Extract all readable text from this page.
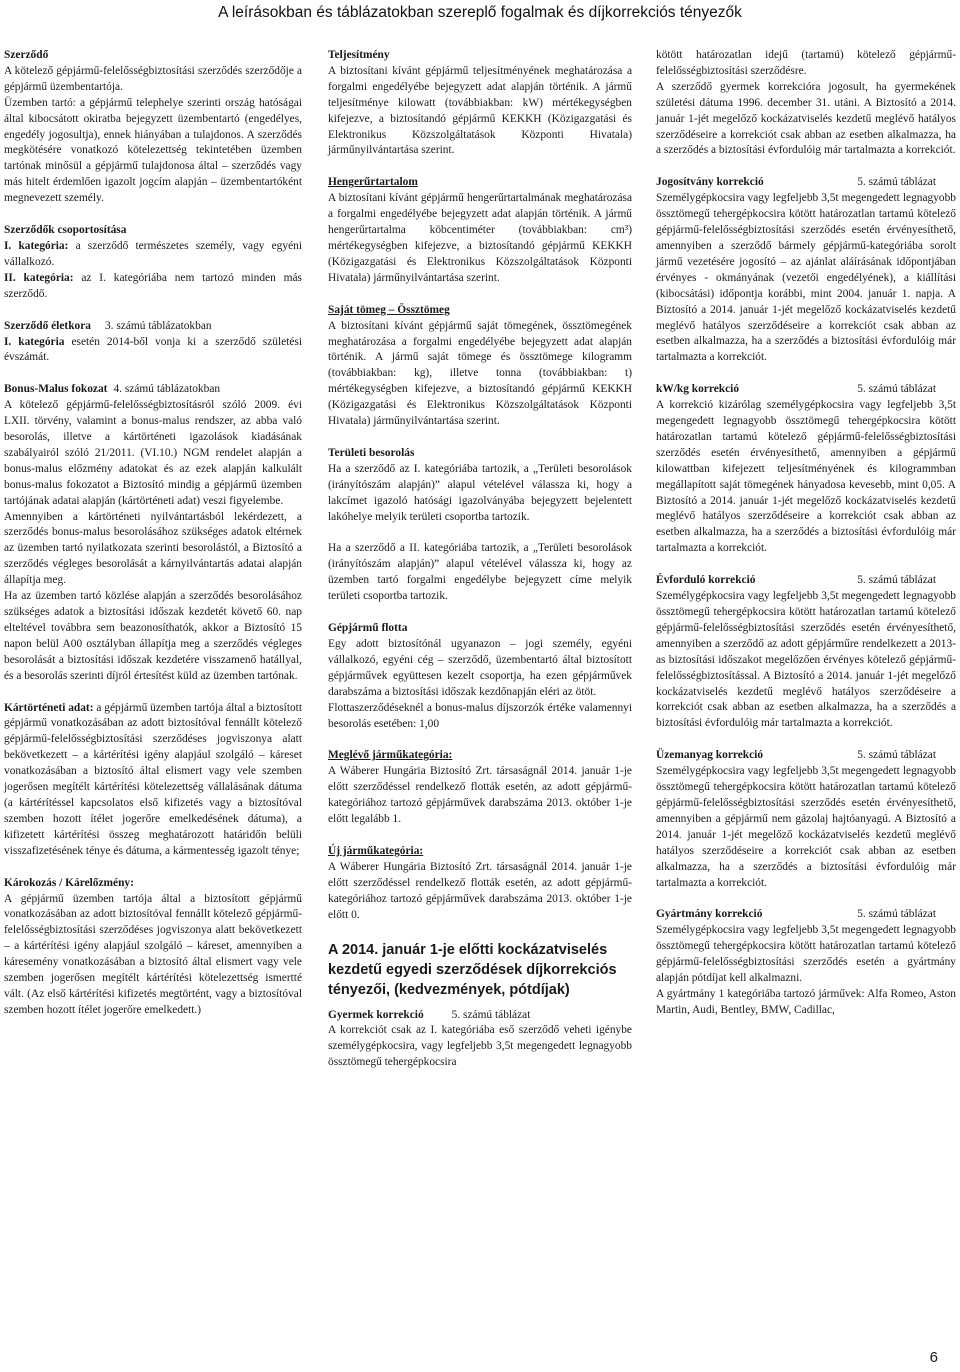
A leírásokban és táblázatokban szereplő fogalmak és díjkorrekciós tényezők

Szerződő

A kötelező gépjármű-felelősségbiztosítási szerződés szerződője a gépjármű üzembentartója.

Üzemben tartó: a gépjármű telephelye szerinti ország hatóságai által kibocsátott okiratba bejegyzett üzembentartó (engedélyes, engedély jogosultja), ennek hiányában a tulajdonos. A szerződés megkötésére vonatkozó kötelezettség tekintetében üzemben tartónak minősül a gépjármű tulajdonosa által – szerződés vagy más hitelt érdemlően igazolt jogcím alapján – üzembentartóként megnevezett személy.

Szerződők csoportosítása

I. kategória: a szerződő természetes személy, vagy egyéni vállalkozó.

II. kategória: az I. kategóriába nem tartozó minden más szerződő.

Szerződő életkora 3. számú táblázatokban

I. kategória esetén 2014-ből vonja ki a szerződő születési évszámát.

Bonus-Malus fokozat 4. számú táblázatokban

A kötelező gépjármű-felelősségbiztosításról szóló 2009. évi LXII. törvény, valamint a bonus-malus rendszer, az abba való besorolás, illetve a kártörténeti igazolások kiadásának szabályairól szóló 21/2011. (VI.10.) NGM rendelet alapján a bonus-malus előzmény adatokat és az ezek alapján kalkulált bonus-malus fokozatot a Biztosító mindig a gépjármű üzemben tartójának adatai alapján (kártörténeti adat) veszi figyelembe.

Amennyiben a kártörténeti nyilvántartásból lekérdezett, a szerződés bonus-malus besorolásához szükséges adatok eltérnek az üzemben tartó nyilatkozata szerinti besorolástól, a Biztosító a szerződés végleges besorolását a kárnyilvántartás adatai alapján állapítja meg.

Ha az üzemben tartó közlése alapján a szerződés besorolásához szükséges adatok a biztosítási időszak kezdetét követő 60. nap elteltével továbbra sem beazonosíthatók, akkor a Biztosító 15 napon belül A00 osztályban állapítja meg a szerződés végleges besorolását a biztosítási időszak kezdetére visszamenő hatállyal, és a besorolás szerinti díjról értesítést küld az üzemben tartónak.

Kártörténeti adat: a gépjármű üzemben tartója által a biztosított gépjármű vonatkozásában az adott biztosítóval fennállt kötelező gépjármű-felelősségbiztosítási szerződéses jogviszonya alatt bekövetkezett – a kártérítési igény alapjául szolgáló – káreset vonatkozásában a biztosító által elismert vagy vele szemben jogerősen megítélt kártérítési kötelezettség vállalásának dátuma (a kártérítéssel kapcsolatos első kifizetés vagy a biztosítóval szemben hozott ítélet jogerőre emelkedésének dátuma), a kifizetett kártérítési összeg meghatározott határidőn belüli visszafizetésének ténye és dátuma, a kármentesség igazolt ténye;

Károkozás / Kárelőzmény:

A gépjármű üzemben tartója által a biztosított gépjármű vonatkozásában az adott biztosítóval fennállt kötelező gépjármű-felelősségbiztosítási szerződéses jogviszonya alatt bekövetkezett – a kártérítési igény alapjául szolgáló – káreset, amennyiben a káresemény vonatkozásában a biztosító által elismert vagy vele szemben jogerősen megítélt kártérítési kötelezettség ismertté vált. (Az első kártérítési kifizetés megtörtént, vagy a biztosítóval szemben hozott ítélet jogerőre emelkedett.)

Teljesítmény

A biztosítani kívánt gépjármű teljesítményének meghatározása a forgalmi engedélyébe bejegyzett adat alapján történik. A jármű teljesítménye kilowatt (továbbiakban: kW) mértékegységben kifejezve, a biztosítandó gépjármű KEKKH (Közigazgatási és Elektronikus Közszolgáltatások Központi Hivatala) járműnyilvántartása szerint.

Hengerűrtartalom

A biztosítani kívánt gépjármű hengerűrtartalmának meghatározása a forgalmi engedélyébe bejegyzett adat alapján történik. A jármű hengerűrtartalma köbcentiméter (továbbiakban: cm³) mértékegységben kifejezve, a biztosítandó gépjármű KEKKH (Közigazgatási és Elektronikus Közszolgáltatások Központi Hivatala) járműnyilvántartása szerint.

Saját tömeg – Össztömeg

A biztosítani kívánt gépjármű saját tömegének, össztömegének meghatározása a forgalmi engedélyébe bejegyzett adat alapján történik. A jármű saját tömege és össztömege kilogramm (továbbiakban: kg), illetve tonna (továbbiakban: t) mértékegységben kifejezve, a biztosítandó gépjármű KEKKH (Közigazgatási és Elektronikus Közszolgáltatások Központi Hivatala) járműnyilvántartása szerint.

Területi besorolás

Ha a szerződő az I. kategóriába tartozik, a „Területi besorolások (irányítószám alapján)” alapul vételével válassza ki, hogy a lakcímet igazoló hatósági igazolványába bejegyzett bejelentett lakóhelye melyik területi csoportba tartozik.

Ha a szerződő a II. kategóriába tartozik, a „Területi besorolások (irányítószám alapján)” alapul vételével válassza ki, hogy az üzemben tartó forgalmi engedélybe bejegyzett címe melyik területi csoportba tartozik.

Gépjármű flotta

Egy adott biztosítónál ugyanazon – jogi személy, egyéni vállalkozó, egyéni cég – szerződő, üzembentartó által biztosított gépjárművek együttesen kezelt csoportja, ha ezen gépjárművek darabszáma a biztosítási időszak kezdőnapján eléri az ötöt.

Flottaszerződéseknél a bonus-malus díjszorzók értéke valamennyi besorolás esetében: 1,00

Meglévő járműkategória:

A Wáberer Hungária Biztosító Zrt. társaságnál 2014. január 1-je előtt szerződéssel rendelkező flották esetén, az adott gépjármű-kategóriához tartozó gépjárművek darabszáma 2013. október 1-je előtt legalább 1.

Új járműkategória:

A Wáberer Hungária Biztosító Zrt. társaságnál 2014. január 1-je előtt szerződéssel rendelkező flották esetén, az adott gépjármű-kategóriához tartozó gépjárművek darabszáma 2013. október 1-je előtt 0.

A 2014. január 1-je előtti kockázatviselés kezdetű egyedi szerződések díjkorrekciós tényezői, (kedvezmények, pótdíjak)

Gyermek korrekció 5. számú táblázat

A korrekciót csak az I. kategóriába eső szerződő veheti igénybe személygépkocsira, vagy legfeljebb 3,5t megengedett legnagyobb össztömegű tehergépkocsira

kötött határozatlan idejű (tartamú) kötelező gépjármű-felelősségbiztosítási szerződésre.

A szerződő gyermek korrekcióra jogosult, ha gyermekének születési dátuma 1996. december 31. utáni. A Biztosító a 2014. január 1-jét megelőző kockázatviselés kezdetű meglévő hatályos szerződéseire a korrekciót csak abban az esetben alkalmazza, ha a szerződés a biztosítási évfordulóig már tartalmazta a korrekciót.

Jogosítvány korrekció	5. számú táblázat

Személygépkocsira vagy legfeljebb 3,5t megengedett legnagyobb össztömegű tehergépkocsira kötött határozatlan tartamú kötelező gépjármű-felelősségbiztosítási szerződés esetén érvényesíthető, amennyiben a szerződő bármely gépjármű-kategóriába sorolt jármű vezetésére jogosító – az ajánlat aláírásának időpontjában érvényes - okmányának (vezetői engedélyének), a kiállítási (kibocsátási) időpontja korábbi, mint 2004. január 1. napja. A Biztosító a 2014. január 1-jét megelőző kockázatviselés kezdetű meglévő hatályos szerződéseire a korrekciót csak abban az esetben alkalmazza, ha a szerződés a biztosítási évfordulóig már tartalmazta a korrekciót.

kW/kg korrekció	5. számú táblázat

A korrekció kizárólag személygépkocsira vagy legfeljebb 3,5t megengedett legnagyobb össztömegű tehergépkocsira kötött határozatlan tartamú kötelező gépjármű-felelősségbiztosítási szerződés esetén érvényesíthető, amennyiben a gépjármű kilowattban kifejezett teljesítményének és kilogrammban megállapított saját tömegének hányadosa kevesebb, mint 0,05. A Biztosító a 2014. január 1-jét megelőző kockázatviselés kezdetű meglévő hatályos szerződéseire a korrekciót csak abban az esetben alkalmazza, ha a szerződés a biztosítási évfordulóig már tartalmazta a korrekciót.

Évforduló korrekció	5. számú táblázat

Személygépkocsira vagy legfeljebb 3,5t megengedett legnagyobb össztömegű tehergépkocsira kötött határozatlan tartamú kötelező gépjármű-felelősségbiztosítási szerződés esetén érvényesíthető, amennyiben a szerződő az adott gépjárműre rendelkezett a 2013-as biztosítási időszakot megelőzően érvényes kötelező gépjármű-felelősségbiztosítással. A Biztosító a 2014. január 1-jét megelőző kockázatviselés kezdetű meglévő hatályos szerződéseire a korrekciót csak abban az esetben alkalmazza, ha a szerződés a biztosítási évfordulóig már tartalmazta a korrekciót.

Üzemanyag korrekció	5. számú táblázat

Személygépkocsira vagy legfeljebb 3,5t megengedett legnagyobb össztömegű tehergépkocsira kötött határozatlan tartamú kötelező gépjármű-felelősségbiztosítási szerződés esetén érvényesíthető, amennyiben a gépjármű nem gázolaj hajtóanyagú. A Biztosító a 2014. január 1-jét megelőző kockázatviselés kezdetű meglévő hatályos szerződéseire a korrekciót csak abban az esetben alkalmazza, ha a szerződés a biztosítási évfordulóig már tartalmazta a korrekciót.

Gyártmány korrekció	5. számú táblázat

Személygépkocsira vagy legfeljebb 3,5t megengedett legnagyobb össztömegű tehergépkocsira kötött határozatlan tartamú kötelező gépjármű-felelősségbiztosítási szerződés esetén a gyártmány alapján pótdíjat kell alkalmazni.

A gyártmány 1 kategóriába tartozó járművek: Alfa Romeo, Aston Martin, Audi, Bentley, BMW, Cadillac,

6
